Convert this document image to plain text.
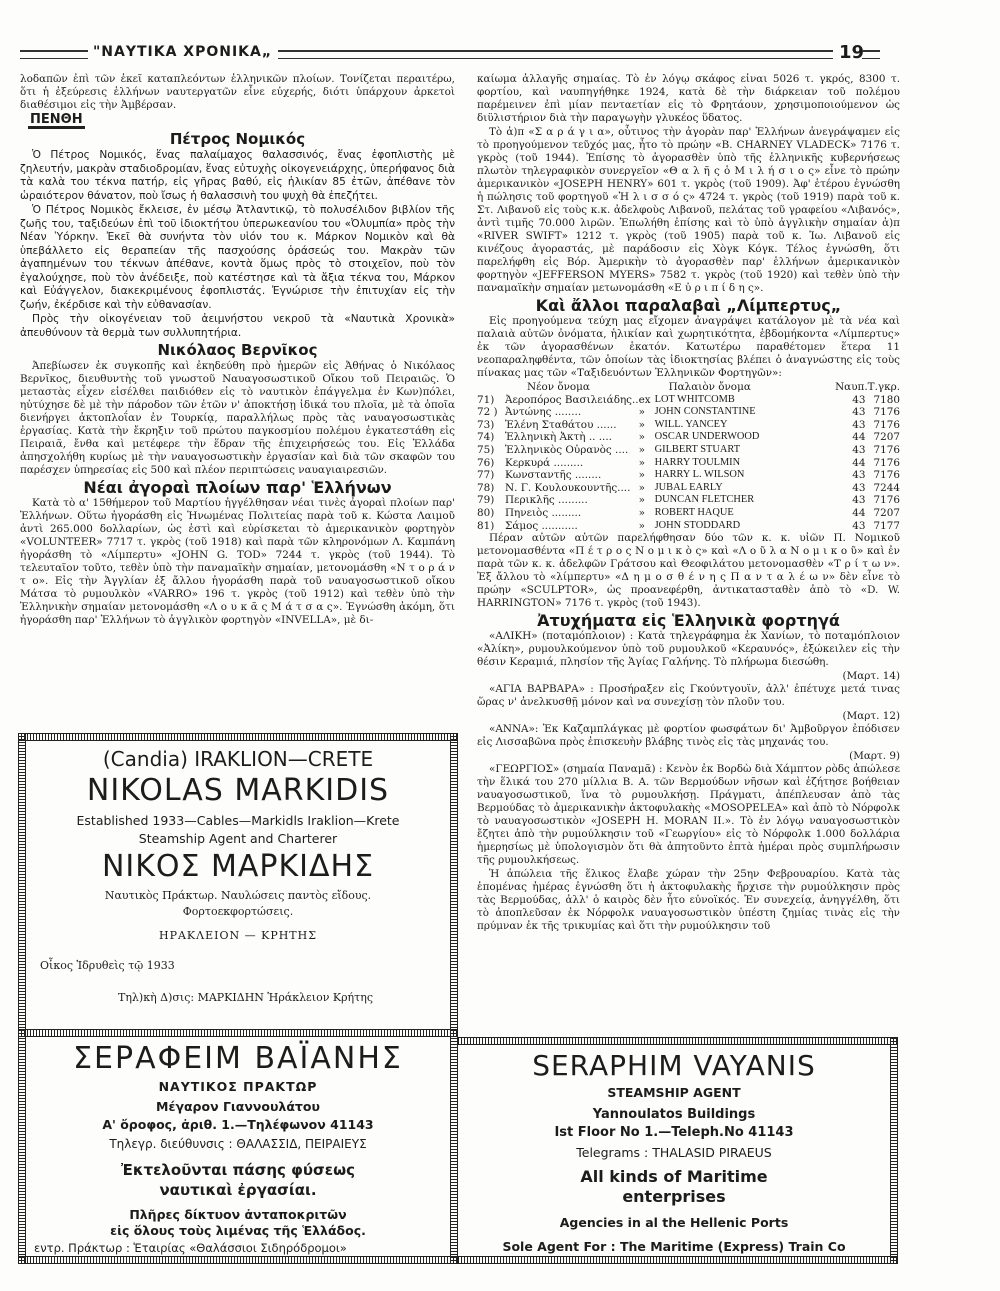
"ΝΑΥΤΙΚΑ ΧΡΟΝΙΚΑ„	19

λοδαπῶν ἐπὶ τῶν ἐκεῖ καταπλεόντων ἑλληνικῶν πλοίων. Τονίζεται περαιτέρω, ὅτι ἡ ἐξεύρεσις ἑλλήνων ναυτεργατῶν εἶνε εὐχερής, διότι ὑπάρχουν ἀρκετοὶ διαθέσιμοι εἰς τὴν Ἀμβέρσαν.

ΠΕΝΘΗ
Πέτρος Νομικός

Ὁ Πέτρος Νομικός, ἕνας παλαίμαχος θαλασσινός, ἕνας ἐφοπλιστὴς μὲ ζηλευτήν, μακρὰν σταδιοδρομίαν, ἕνας εὐτυχὴς οἰκογενειάρχης, ὑπερήφανος διὰ τὰ καλὰ του τέκνα πατήρ, εἰς γῆρας βαθύ, εἰς ἡλικίαν 85 ἐτῶν, ἀπέθανε τὸν ὡραιότερον θάνατον, ποὺ ἴσως ἡ θαλασσινὴ του ψυχὴ θὰ ἐπεζήτει.

Ὁ Πέτρος Νομικὸς ἔκλεισε, ἐν μέσῳ Ἀτλαντικῷ, τὸ πολυσέλιδον βιβλίον τῆς ζωῆς του, ταξιδεύων ἐπὶ τοῦ ἰδιοκτήτου ὑπερωκεανίου του «Ὀλυμπία» πρὸς τὴν Νέαν Ὑόρκην. Ἐκεῖ θὰ συνήντα τὸν υἱόν του κ. Μάρκον Νομικὸν καὶ θὰ ὑπεβάλλετο εἰς θεραπείαν τῆς πασχούσης ὁράσεώς του. Μακρὰν τῶν ἀγαπημένων του τέκνων ἀπέθανε, κοντὰ ὅμως πρὸς τὸ στοιχεῖον, ποὺ τὸν ἐγαλούχησε, ποὺ τὸν ἀνέδειξε, ποὺ κατέστησε καὶ τὰ ἄξια τέκνα του, Μάρκον καὶ Εὐάγγελον, διακεκριμένους ἐφοπλιστάς. Ἐγνώρισε τὴν ἐπιτυχίαν εἰς τὴν ζωήν, ἐκέρδισε καὶ τὴν εὐθανασίαν.

Πρὸς τὴν οἰκογένειαν τοῦ ἀειμνήστου νεκροῦ τὰ «Ναυτικὰ Χρονικὰ» ἀπευθύνουν τὰ θερμὰ των συλλυπητήρια.

Νικόλαος Βερνῖκος

Ἀπεβίωσεν ἐκ συγκοπῆς καὶ ἐκηδεύθη πρὸ ἡμερῶν εἰς Ἀθήνας ὁ Νικόλαος Βερνῖκος, διευθυντὴς τοῦ γνωστοῦ Ναυαγοσωστικοῦ Οἴκου τοῦ Πειραιῶς. Ὁ μεταστὰς εἶχεν εἰσέλθει παιδιόθεν εἰς τὸ ναυτικὸν ἐπάγγελμα ἐν Κων)πόλει, ηὐτύχησε δὲ μὲ τὴν πάροδον τῶν ἐτῶν ν' ἀποκτήσῃ ἰδικά του πλοῖα, μὲ τὰ ὁποῖα διενήργει ἀκτοπλοΐαν ἐν Τουρκίᾳ, παραλλήλως πρὸς τὰς ναυαγοσωστικὰς ἐργασίας. Κατὰ τὴν ἔκρηξιν τοῦ πρώτου παγκοσμίου πολέμου ἐγκατεστάθη εἰς Πειραιᾶ, ἔνθα καὶ μετέφερε τὴν ἕδραν τῆς ἐπιχειρήσεώς του. Εἰς Ἑλλάδα ἀπησχολήθη κυρίως μὲ τὴν ναυαγοσωστικὴν ἐργασίαν καὶ διὰ τῶν σκαφῶν του παρέσχεν ὑπηρεσίας εἰς 500 καὶ πλέον περιπτώσεις ναυαγιαιρεσιῶν.

Νέαι ἀγοραὶ πλοίων παρ' Ἑλλήνων

Κατὰ τὸ α' 15θήμερον τοῦ Μαρτίου ἠγγέλθησαν νέαι τινὲς ἀγοραὶ πλοίων παρ' Ἑλλήνων. Οὕτω ἠγοράσθη εἰς Ἡνωμένας Πολιτείας παρὰ τοῦ κ. Κώστα Λαιμοῦ ἀντὶ 265.000 δολλαρίων, ὡς ἐστὶ καὶ εὑρίσκεται τὸ ἀμερικανικὸν φορτηγὸν «VOLUNTEER» 7717 τ. γκρὸς (τοῦ 1918) καὶ παρὰ τῶν κληρονόμων Λ. Καμπάνη ἠγοράσθη τὸ «Λίμπερτυ» «JOHN G. TOD» 7244 τ. γκρὸς (τοῦ 1944). Τὸ τελευταῖον τοῦτο, τεθὲν ὑπὸ τὴν παναμαϊκὴν σημαίαν, μετονομάσθη «Ν τ ο ρ ά ν τ ο». Εἰς τὴν Ἀγγλίαν ἐξ ἄλλου ἠγοράσθη παρὰ τοῦ ναυαγοσωστικοῦ οἴκου Μάτσα τὸ ρυμουλκὸν «VARRO» 196 τ. γκρὸς (τοῦ 1912) καὶ τεθὲν ὑπὸ τὴν Ἑλληνικὴν σημαίαν μετονομάσθη «Λ ο υ κ ᾶ ς Μ ά τ σ α ς». Ἐγνώσθη ἀκόμη, ὅτι ἠγοράσθη παρ' Ἑλλήνων τὸ ἀγγλικὸν φορτηγὸν «INVELLA», μὲ δι-

καίωμα ἀλλαγῆς σημαίας. Τὸ ἐν λόγῳ σκάφος εἶναι 5026 τ. γκρός, 8300 τ. φορτίου, καὶ ναυπηγήθηκε 1924, κατὰ δὲ τὴν διάρκειαν τοῦ πολέμου παρέμεινεν ἐπὶ μίαν πενταετίαν εἰς τὸ Φρητάουν, χρησιμοποιούμενον ὡς διϋλιστήριον διὰ τὴν παραγωγὴν γλυκέος ὕδατος.

Τὸ ἀ)π «Σ α ρ ά γ ι α», οὗτινος τὴν ἀγορὰν παρ' Ἑλλήνων ἀνεγράψαμεν εἰς τὸ προηγούμενον τεῦχός μας, ἦτο τὸ πρώην «B. CHARNEY VLADECK» 7176 τ. γκρὸς (τοῦ 1944). Ἐπίσης τὸ ἀγορασθὲν ὑπὸ τῆς ἑλληνικῆς κυβερνήσεως πλωτὸν τηλεγραφικὸν συνεργεῖον «Θ α λ ῆ ς ὁ Μ ι λ ή σ ι ο ς» εἶνε τὸ πρώην ἀμερικανικὸν «JOSEPH HENRY» 601 τ. γκρὸς (τοῦ 1909). Ἀφ' ἑτέρου ἐγνώσθη ἡ πώλησις τοῦ φορτηγοῦ «Ἠ λ ι σ σ ό ς» 4724 τ. γκρὸς (τοῦ 1919) παρὰ τοῦ κ. Στ. Λιβανοῦ εἰς τοὺς κ.κ. ἀδελφοὺς Λιβανοῦ, πελάτας τοῦ γραφείου «Λιβανός», ἀντὶ τιμῆς 70.000 λιρῶν. Ἐπωλήθη ἐπίσης καὶ τὸ ὑπὸ ἀγγλικὴν σημαίαν ἀ)π «RIVER SWIFT» 1212 τ. γκρὸς (τοῦ 1905) παρὰ τοῦ κ. Ἰω. Λιβανοῦ εἰς κινέζους ἀγοραστάς, μὲ παράδοσιν εἰς Χὸγκ Κόγκ. Τέλος ἐγνώσθη, ὅτι παρελήφθη εἰς Βόρ. Ἀμερικὴν τὸ ἀγορασθὲν παρ' ἑλλήνων ἀμερικανικὸν φορτηγὸν «JEFFERSON MYERS» 7582 τ. γκρὸς (τοῦ 1920) καὶ τεθὲν ὑπὸ τὴν παναμαϊκὴν σημαίαν μετωνομάσθη «Ε ὐ ρ ι π ί δ η ς».

Καὶ ἄλλοι παραλαβαὶ „Λίμπερτυς„

Εἰς προηγούμενα τεύχη μας εἴχομεν ἀναγράψει κατάλογον μὲ τὰ νέα καὶ παλαιὰ αὐτῶν ὀνόματα, ἡλικίαν καὶ χωρητικότητα, ἑβδομήκοντα «Λίμπερτυς» ἐκ τῶν ἀγορασθένων ἑκατόν. Κατωτέρω παραθέτομεν ἕτερα 11 νεοπαραληφθέντα, τῶν ὁποίων τὰς ἰδιοκτησίας βλέπει ὁ ἀναγνώστης εἰς τοὺς πίνακας μας τῶν «Ταξιδευόντων Ἑλληνικῶν Φορτηγῶν»:

Νέον ὄνομα		Παλαιὸν ὄνομα		Ναυπ.Τ.γκρ.	
71)	Ἀεροπόρος Βασιλειάδης..	ex	LOT WHITCOMB	43	7180
72 )	Ἀντώνης ........	»	JOHN CONSTANTINE	43	7176
73)	Ἐλένη Σταθάτου ......	»	WILL. YANCEY	43	7176
74)	Ἑλληνικὴ Ἀκτὴ .. ....	»	OSCAR UNDERWOOD	44	7207
75)	Ἑλληνικὸς Οὐρανὸς ....	»	GILBERT STUART	43	7176
76)	Κερκυρά .........	»	HARRY TOULMIN	44	7176
77)	Κωνσταντῆς ........	»	HARRY L. WILSON	43	7176
78)	Ν. Γ. Κουλουκουντῆς....	»	JUBAL EARLY	43	7244
79)	Περικλῆς .........	»	DUNCAN FLETCHER	43	7176
80)	Πηνειὸς .........	»	ROBERT HAQUE	44	7207
81)	Σάμος ...........	»	JOHN STODDARD	43	7177

Πέραν αὐτῶν αὐτῶν παρελήφθησαν δύο τῶν κ. κ. υἱῶν Π. Νομικοῦ μετονομασθέντα «Π έ τ ρ ο ς Ν ο μ ι κ ὸ ς» καὶ «Λ ο ῦ λ α Ν ο μ ι κ ο ῦ» καὶ ἐν παρὰ τῶν κ. κ. ἀδελφῶν Γράτσου καὶ Θεοφιλάτου μετονομασθὲν «Τ ρ ί τ ω ν». Ἐξ ἄλλου τὸ «λίμπερτυ» «Δ η μ ο σ θ έ ν η ς Π α ν τ α λ έ ω ν» δὲν εἶνε τὸ πρώην «SCULPTOR», ὡς προανεφέρθη, ἀντικατασταθὲν ἀπὸ τὸ «D. W. HARRINGTON» 7176 τ. γκρὸς (τοῦ 1943).

Ἀτυχήματα εἰς Ἑλληνικὰ φορτηγά

«ΑΛΙΚΗ» (ποταμόπλοιον) : Κατὰ τηλεγράφημα ἐκ Χανίων, τὸ ποταμόπλοιον «Ἀλίκη», ρυμουλκούμενον ὑπὸ τοῦ ρυμουλκοῦ «Κεραυνός», ἐξώκειλεν εἰς τὴν θέσιν Κεραμιά, πλησίον τῆς Ἁγίας Γαλήνης. Τὸ πλήρωμα διεσώθη.

(Μαρτ. 14)

«ΑΓΙΑ ΒΑΡΒΑΡΑ» : Προσήραξεν εἰς Γκούντγουϊν, ἀλλ' ἐπέτυχε μετά τινας ὥρας ν' ἀνελκυσθῇ μόνον καὶ να συνεχίσῃ τὸν πλοῦν του.

(Μαρτ. 12)

«ΑΝΝΑ»: Ἐκ Καζαμπλάγκας μὲ φορτίον φωσφάτων δι' Ἀμβοῦργον ἐπόδισεν εἰς Λισσαβῶνα πρὸς ἐπισκευὴν βλάβης τινὸς εἰς τὰς μηχανάς του.

(Μαρτ. 9)

«ΓΕΩΡΓΙΟΣ» (σημαία Παναμᾶ) : Κενὸν ἐκ Βορδὼ διὰ Χάμπτον ρὸδς ἀπώλεσε τὴν ἕλικά του 270 μίλλια Β. Α. τῶν Βερμούδων νῆσων καὶ ἐζήτησε βοήθειαν ναυαγοσωστικοῦ, ἵνα τὸ ρυμουλκήσῃ. Πράγματι, ἀπέπλευσαν ἀπὸ τὰς Βερμούδας τὸ ἀμερικανικὴν ἀκτοφυλακὴς «MOSOPELEA» καὶ ἀπὸ τὸ Νόρφολκ τὸ ναυαγοσωστικὸν «JOSEPH H. MORAN II.». Τὸ ἐν λόγῳ ναυαγοσωστικὸν ἔζητει ἀπὸ τὴν ρυμούλκησιν τοῦ «Γεωργίου» εἰς τὸ Νόρφολκ 1.000 δολλάρια ἡμερησίως μὲ ὑπολογισμὸν ὅτι θὰ ἀπητοῦντο ἑπτὰ ἡμέραι πρὸς συμπλήρωσιν τῆς ρυμουλκήσεως.

Ἡ ἀπώλεια τῆς ἕλικος ἔλαβε χώραν τὴν 25ην Φεβρουαρίου. Κατὰ τὰς ἑπομένας ἡμέρας ἐγνώσθη ὅτι ἡ ἀκτοφυλακὴς ἤρχισε τὴν ρυμούλκησιν πρὸς τὰς Βερμούδας, ἀλλ' ὁ καιρὸς δὲν ἦτο εὐνοϊκός. Ἐν συνεχείᾳ, ἀνηγγέλθη, ὅτι τὸ ἀποπλεῦσαν ἐκ Νόρφολκ ναυαγοσωστικὸν ὑπέστη ζημίας τινὰς εἰς τὴν πρύμναν ἐκ τῆς τρικυμίας καὶ ὅτι τὴν ρυμούλκησιν τοῦ

(Candia) IRAKLION—CRETE
NIKOLAS MARKIDIS
Established 1933—Cables—Markidls Iraklion—Krete
Steamship Agent and Charterer
ΝΙΚΟΣ ΜΑΡΚΙΔΗΣ
Ναυτικὸς Πράκτωρ. Ναυλώσεις παντὸς εἴδους.
Φορτοεκφορτώσεις.
ΗΡΑΚΛΕΙΟΝ — ΚΡΗΤΗΣ
Οἶκος Ἱδρυθεὶς τῷ 1933
Τηλ)κὴ Δ)σις: ΜΑΡΚΙΔΗΝ Ἡράκλειον Κρήτης
ΣΕΡΑΦΕΙΜ ΒΑΪΑΝΗΣ
ΝΑΥΤΙΚΟΣ ΠΡΑΚΤΩΡ
Μέγαρον Γιαννουλάτου
Α' ὄροφος, ἀριθ. 1.—Τηλέφωνον 41143
Τηλεγρ. διεύθυνσις : ΘΑΛΑΣΣΙΔ, ΠΕΙΡΑΙΕΥΣ
Ἐκτελοῦνται πάσης φύσεως
ναυτικαὶ ἐργασίαι.
Πλῆρες δίκτυον ἀνταποκριτῶν
εἰς ὅλους τοὺς λιμένας τῆς Ἑλλάδος.
εντρ. Πράκτωρ : Ἑταιρίας «Θαλάσσιοι Σιδηρόδρομοι»
SERAPHIM VAYANIS
STEAMSHIP AGENT
Yannoulatos Buildings
Ist Floor No 1.—Teleph.No 41143
Telegrams : THALASID PIRAEUS
All kinds of Maritime
enterprises
Agencies in al the Hellenic Ports
Sole Agent For : The Maritime (Express) Train Co
